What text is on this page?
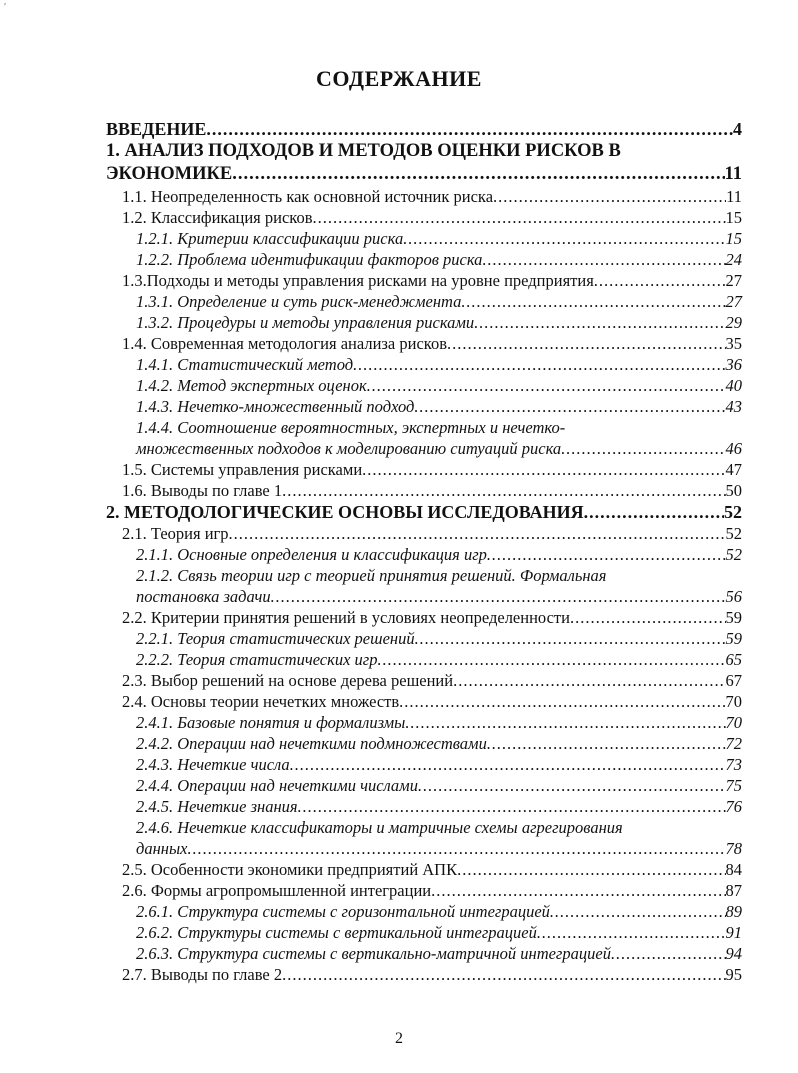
′
СОДЕРЖАНИЕ
ВВЕДЕНИЕ .....	4
1. АНАЛИЗ ПОДХОДОВ И МЕТОДОВ ОЦЕНКИ РИСКОВ В
ЭКОНОМИКЕ .....	11
1.1. Неопределенность как основной источник риска .....	11
1.2. Классификация рисков .....	15
1.2.1. Критерии классификации риска .....	15
1.2.2. Проблема идентификации факторов риска .....	24
1.3.Подходы и методы управления рисками на уровне предприятия .....	27
1.3.1. Определение и суть риск-менеджмента .....	27
1.3.2. Процедуры и методы управления рисками .....	29
1.4. Современная методология анализа рисков .....	35
1.4.1. Статистический метод .....	36
1.4.2. Метод экспертных оценок .....	40
1.4.3. Нечетко-множественный подход .....	43
1.4.4. Соотношение вероятностных, экспертных и нечетко-
множественных подходов к моделированию ситуаций риска .....	46
1.5. Системы управления рисками .....	47
1.6. Выводы по главе 1 .....	50
2. МЕТОДОЛОГИЧЕСКИЕ ОСНОВЫ ИССЛЕДОВАНИЯ .....	52
2.1. Теория игр .....	52
2.1.1. Основные определения и классификация игр .....	52
2.1.2. Связь теории игр с теорией принятия решений. Формальная
постановка задачи .....	56
2.2. Критерии принятия решений в условиях неопределенности .....	59
2.2.1. Теория статистических решений .....	59
2.2.2. Теория статистических игр .....	65
2.3. Выбор решений на основе дерева решений .....	67
2.4. Основы теории нечетких множеств .....	70
2.4.1. Базовые понятия и формализмы .....	70
2.4.2. Операции над нечеткими подмножествами .....	72
2.4.3. Нечеткие числа .....	73
2.4.4. Операции над нечеткими числами .....	75
2.4.5. Нечеткие знания .....	76
2.4.6. Нечеткие классификаторы и матричные схемы агрегирования
данных .....	78
2.5. Особенности экономики предприятий АПК .....	84
2.6. Формы агропромышленной интеграции .....	87
2.6.1. Структура системы с горизонтальной интеграцией .....	89
2.6.2. Структуры системы с вертикальной интеграцией .....	91
2.6.3. Структура системы с вертикально-матричной интеграцией .....	94
2.7. Выводы по главе 2 .....	95
2
